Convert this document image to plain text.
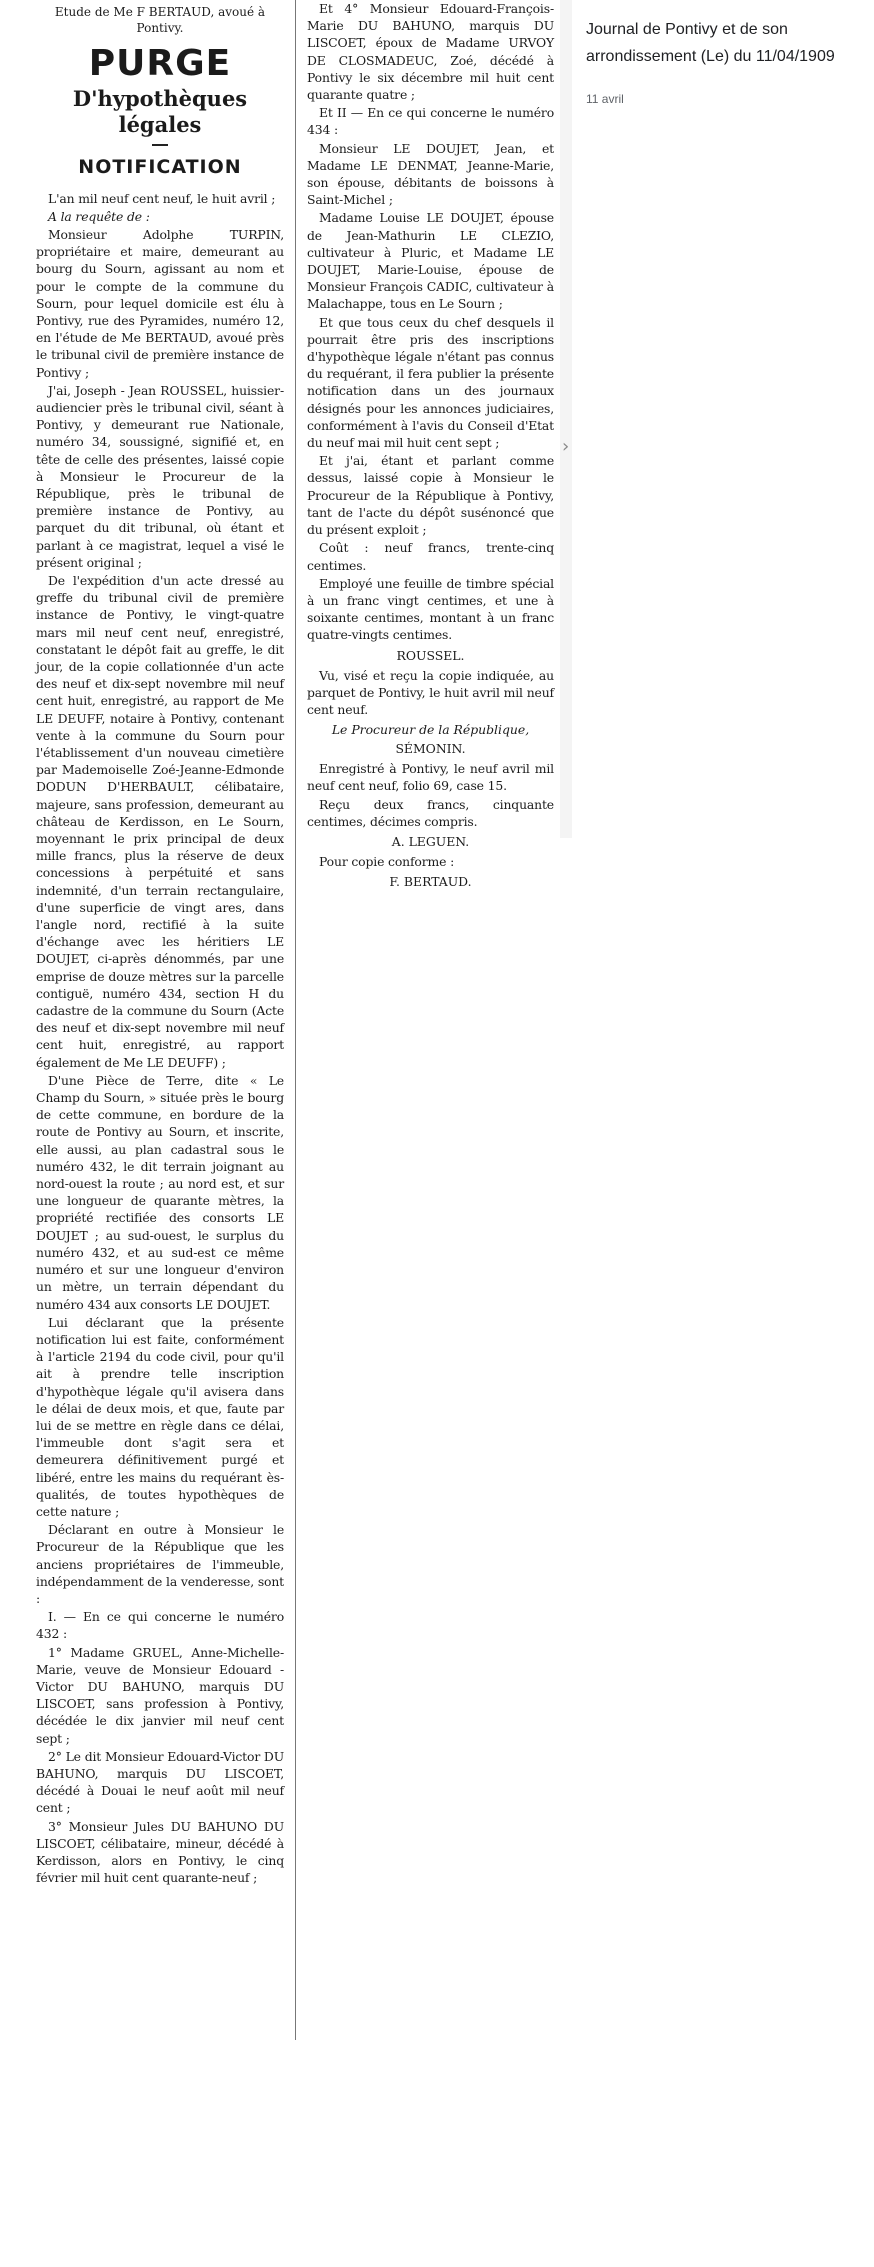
Etude de Me F BERTAUD, avoué à Pontivy.
PURGE
D'hypothèques légales
NOTIFICATION

L'an mil neuf cent neuf, le huit avril ;

A la requête de :

Monsieur Adolphe TURPIN, propriétaire et maire, demeurant au bourg du Sourn, agissant au nom et pour le compte de la commune du Sourn, pour lequel domicile est élu à Pontivy, rue des Pyramides, numéro 12, en l'étude de Me BERTAUD, avoué près le tribunal civil de première instance de Pontivy ;

J'ai, Joseph - Jean ROUSSEL, huissier-audiencier près le tribunal civil, séant à Pontivy, y demeurant rue Nationale, numéro 34, soussigné, signifié et, en tête de celle des présentes, laissé copie à Monsieur le Procureur de la République, près le tribunal de première instance de Pontivy, au parquet du dit tribunal, où étant et parlant à ce magistrat, lequel a visé le présent original ;

De l'expédition d'un acte dressé au greffe du tribunal civil de première instance de Pontivy, le vingt-quatre mars mil neuf cent neuf, enregistré, constatant le dépôt fait au greffe, le dit jour, de la copie collationnée d'un acte des neuf et dix-sept novembre mil neuf cent huit, enregistré, au rapport de Me LE DEUFF, notaire à Pontivy, contenant vente à la commune du Sourn pour l'établissement d'un nouveau cimetière par Mademoiselle Zoé-Jeanne-Edmonde DODUN D'HERBAULT, célibataire, majeure, sans profession, demeurant au château de Kerdisson, en Le Sourn, moyennant le prix principal de deux mille francs, plus la réserve de deux concessions à perpétuité et sans indemnité, d'un terrain rectangulaire, d'une superficie de vingt ares, dans l'angle nord, rectifié à la suite d'échange avec les héritiers LE DOUJET, ci-après dénommés, par une emprise de douze mètres sur la parcelle contiguë, numéro 434, section H du cadastre de la commune du Sourn (Acte des neuf et dix-sept novembre mil neuf cent huit, enregistré, au rapport également de Me LE DEUFF) ;

D'une Pièce de Terre, dite « Le Champ du Sourn, » située près le bourg de cette commune, en bordure de la route de Pontivy au Sourn, et inscrite, elle aussi, au plan cadastral sous le numéro 432, le dit terrain joignant au nord-ouest la route ; au nord est, et sur une longueur de quarante mètres, la propriété rectifiée des consorts LE DOUJET ; au sud-ouest, le surplus du numéro 432, et au sud-est ce même numéro et sur une longueur d'environ un mètre, un terrain dépendant du numéro 434 aux consorts LE DOUJET.

Lui déclarant que la présente notification lui est faite, conformément à l'article 2194 du code civil, pour qu'il ait à prendre telle inscription d'hypothèque légale qu'il avisera dans le délai de deux mois, et que, faute par lui de se mettre en règle dans ce délai, l'immeuble dont s'agit sera et demeurera définitivement purgé et libéré, entre les mains du requérant ès-qualités, de toutes hypothèques de cette nature ;

Déclarant en outre à Monsieur le Procureur de la République que les anciens propriétaires de l'immeuble, indépendamment de la venderesse, sont :

I. — En ce qui concerne le numéro 432 :

1° Madame GRUEL, Anne-Michelle-Marie, veuve de Monsieur Edouard - Victor DU BAHUNO, marquis DU LISCOET, sans profession à Pontivy, décédée le dix janvier mil neuf cent sept ;

2° Le dit Monsieur Edouard-Victor DU BAHUNO, marquis DU LISCOET, décédé à Douai le neuf août mil neuf cent ;

3° Monsieur Jules DU BAHUNO DU LISCOET, célibataire, mineur, décédé à Kerdisson, alors en Pontivy, le cinq février mil huit cent quarante-neuf ;

Et 4° Monsieur Edouard-François-Marie DU BAHUNO, marquis DU LISCOET, époux de Madame URVOY DE CLOSMADEUC, Zoé, décédé à Pontivy le six décembre mil huit cent quarante quatre ;

Et II — En ce qui concerne le numéro 434 :

Monsieur LE DOUJET, Jean, et Madame LE DENMAT, Jeanne-Marie, son épouse, débitants de boissons à Saint-Michel ;

Madame Louise LE DOUJET, épouse de Jean-Mathurin LE CLEZIO, cultivateur à Pluric, et Madame LE DOUJET, Marie-Louise, épouse de Monsieur François CADIC, cultivateur à Malachappe, tous en Le Sourn ;

Et que tous ceux du chef desquels il pourrait être pris des inscriptions d'hypothèque légale n'étant pas connus du requérant, il fera publier la présente notification dans un des journaux désignés pour les annonces judiciaires, conformément à l'avis du Conseil d'Etat du neuf mai mil huit cent sept ;

Et j'ai, étant et parlant comme dessus, laissé copie à Monsieur le Procureur de la République à Pontivy, tant de l'acte du dépôt susénoncé que du présent exploit ;

Coût : neuf francs, trente-cinq centimes.

Employé une feuille de timbre spécial à un franc vingt centimes, et une à soixante centimes, montant à un franc quatre-vingts centimes.

ROUSSEL.

Vu, visé et reçu la copie indiquée, au parquet de Pontivy, le huit avril mil neuf cent neuf.

Le Procureur de la République,
SÉMONIN.

Enregistré à Pontivy, le neuf avril mil neuf cent neuf, folio 69, case 15.

Reçu deux francs, cinquante centimes, décimes compris.

A. LEGUEN.

Pour copie conforme :

F. BERTAUD.
›
Journal de Pontivy et de son arrondissement (Le) du 11/04/1909
11 avril
